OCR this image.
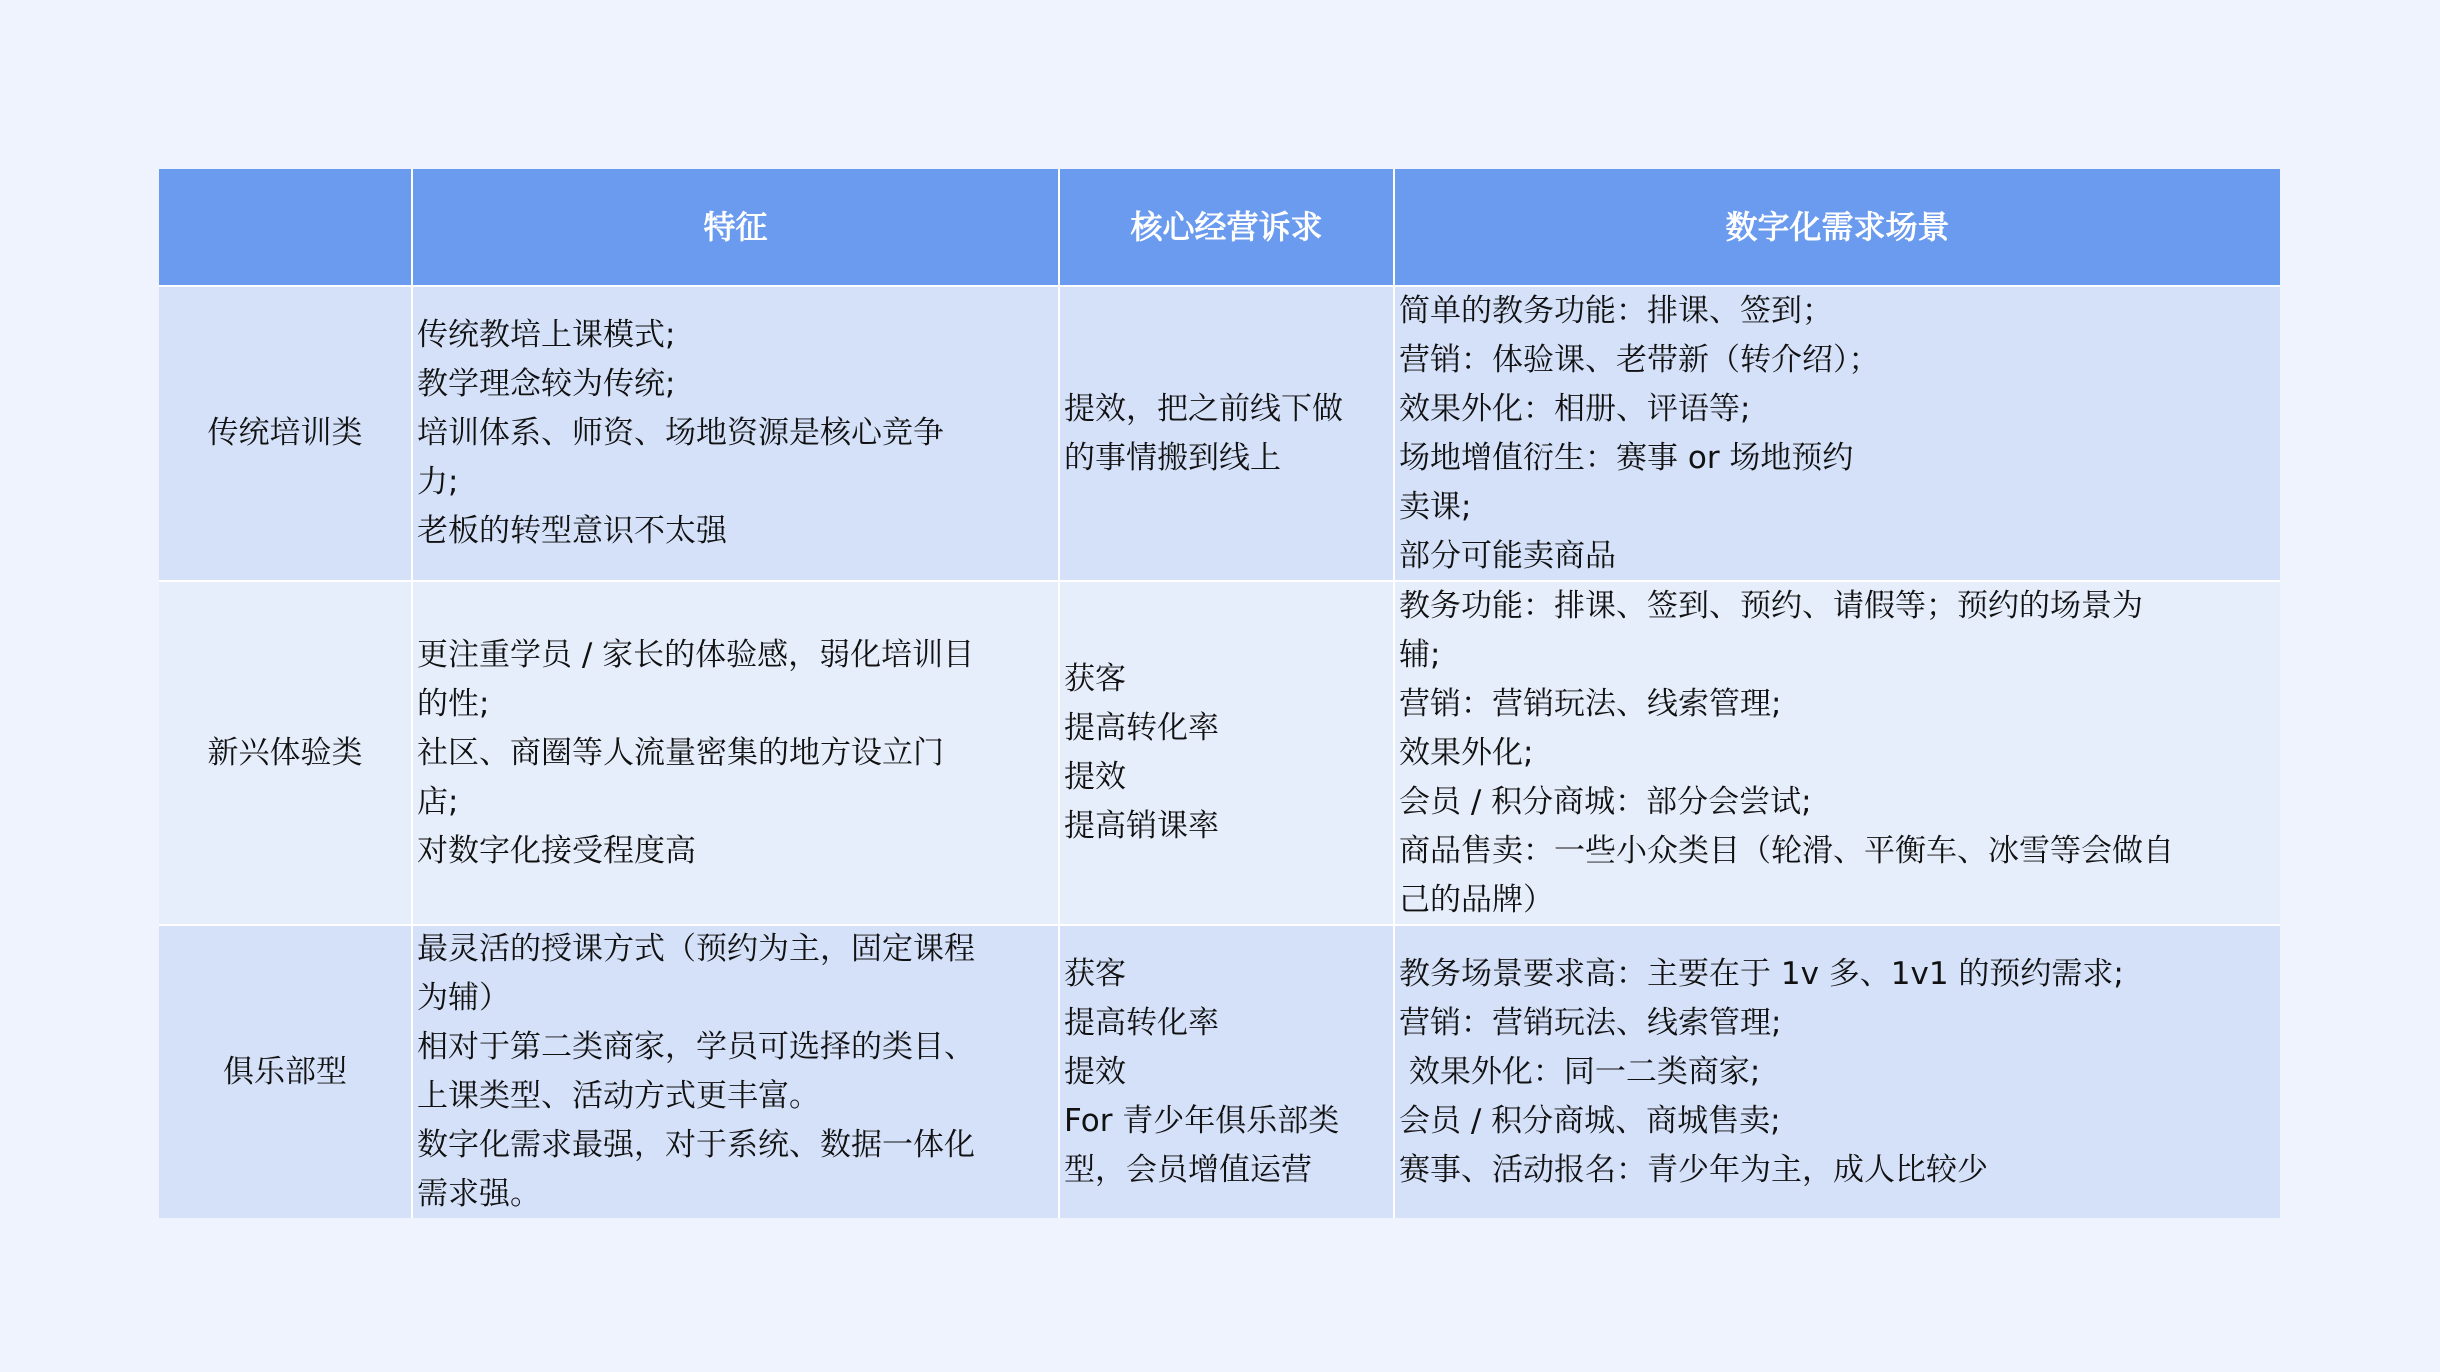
特征	核心经营诉求	数字化需求场景
传统培训类
传统教培上课模式;
教学理念较为传统;
培训体系、师资、场地资源是核心竞争
力;
老板的转型意识不太强
提效，把之前线下做
的事情搬到线上
简单的教务功能：排课、签到；
营销：体验课、老带新（转介绍）；
效果外化：相册、评语等;
场地增值衍生：赛事 or 场地预约
卖课;
部分可能卖商品
新兴体验类
更注重学员 / 家长的体验感，弱化培训目
的性;
社区、商圈等人流量密集的地方设立门
店;
对数字化接受程度高
获客
提高转化率
提效
提高销课率
教务功能：排课、签到、预约、请假等；预约的场景为
辅;
营销：营销玩法、线索管理;
效果外化;
会员 / 积分商城：部分会尝试;
商品售卖：一些小众类目（轮滑、平衡车、冰雪等会做自
己的品牌）
俱乐部型
最灵活的授课方式（预约为主，固定课程
为辅）
相对于第二类商家，学员可选择的类目、
上课类型、活动方式更丰富。
数字化需求最强，对于系统、数据一体化
需求强。
获客
提高转化率
提效
For 青少年俱乐部类
型，会员增值运营
教务场景要求高：主要在于 1v 多、1v1 的预约需求;
营销：营销玩法、线索管理;
效果外化：同一二类商家;
会员 / 积分商城、商城售卖;
赛事、活动报名：青少年为主，成人比较少
